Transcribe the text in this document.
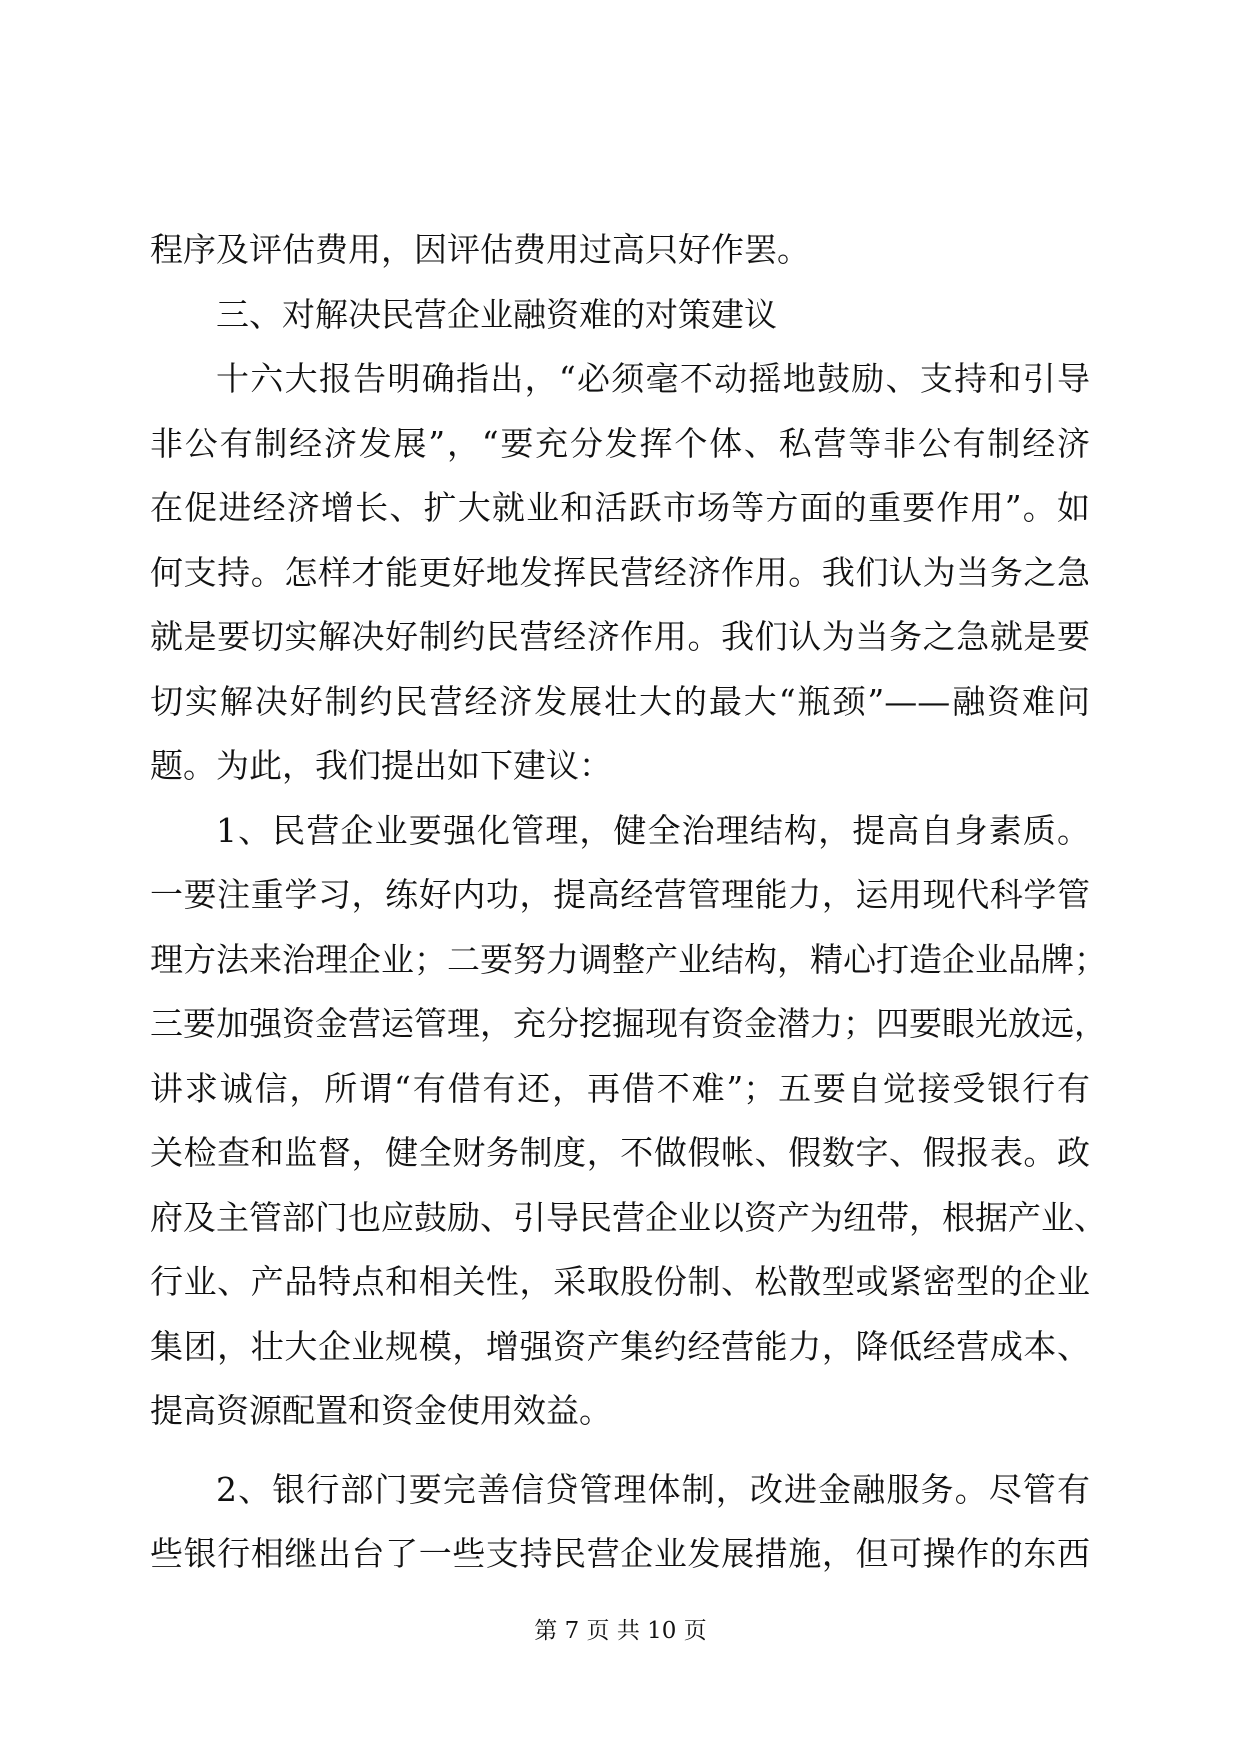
程序及评估费用，因评估费用过高只好作罢。
三、对解决民营企业融资难的对策建议
十六大报告明确指出，“必须毫不动摇地鼓励、支持和引导
非公有制经济发展”，“要充分发挥个体、私营等非公有制经济
在促进经济增长、扩大就业和活跃市场等方面的重要作用”。如
何支持。怎样才能更好地发挥民营经济作用。我们认为当务之急
就是要切实解决好制约民营经济作用。我们认为当务之急就是要
切实解决好制约民营经济发展壮大的最大“瓶颈”——融资难问
题。为此，我们提出如下建议：
1、民营企业要强化管理，健全治理结构，提高自身素质。
一要注重学习，练好内功，提高经营管理能力，运用现代科学管
理方法来治理企业；二要努力调整产业结构，精心打造企业品牌；
三要加强资金营运管理，充分挖掘现有资金潜力；四要眼光放远，
讲求诚信，所谓“有借有还，再借不难”；五要自觉接受银行有
关检查和监督，健全财务制度，不做假帐、假数字、假报表。政
府及主管部门也应鼓励、引导民营企业以资产为纽带，根据产业、
行业、产品特点和相关性，采取股份制、松散型或紧密型的企业
集团，壮大企业规模，增强资产集约经营能力，降低经营成本、
提高资源配置和资金使用效益。
2、银行部门要完善信贷管理体制，改进金融服务。尽管有
些银行相继出台了一些支持民营企业发展措施，但可操作的东西
第 7 页 共 10 页
